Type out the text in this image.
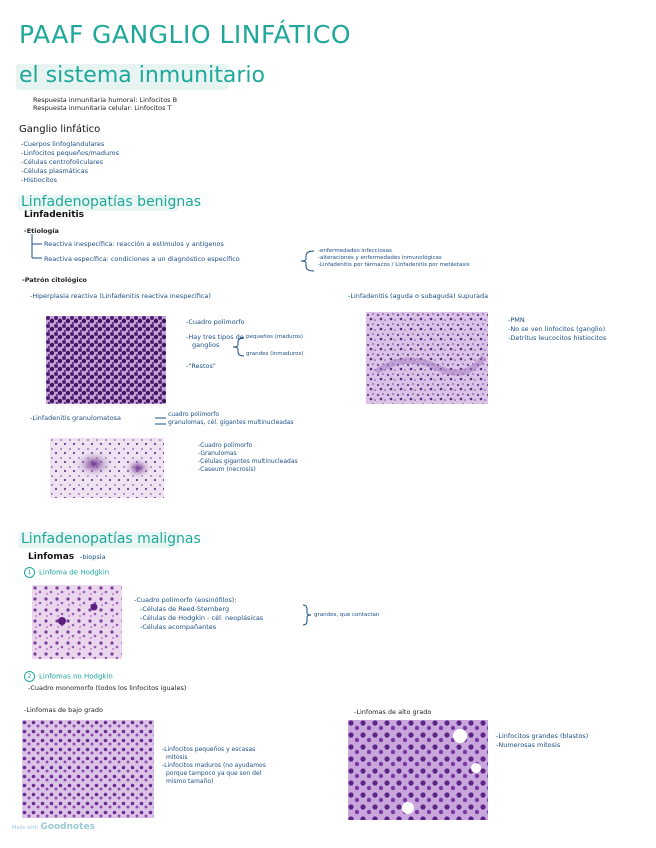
PAAF GANGLIO LINFÁTICO
el sistema inmunitario
Respuesta inmunitaria humoral: Linfocitos B
Respuesta inmunitaria celular: Linfocitos T
Ganglio linfático
-Cuerpos linfoglandulares
-Linfocitos pequeños/maduros
-Células centrofoliculares
-Células plasmáticas
-Histiocitos
Linfadenopatías benignas
Linfadenitis
-Etiología
Reactiva inespecífica: reacción a estímulos y antígenos
Reactiva específica: condiciones a un diagnóstico específico
-enfermedades infecciosas
-alteraciones y enfermedades inmunológicas
-Linfadenitis por fármacos / Linfadenitis por metástasis
-Patrón citológico
-Hiperplasia reactiva (Linfadenitis reactiva inespecífica)
-Cuadro polimorfo
-Hay tres tipos de
ganglios
pequeños (maduros)
grandes (inmaduros)
-"Restos"
-Linfadenitis (aguda o subaguda) supurada
-PMN
-No se ven linfocitos (ganglio)
-Detritus leucocitos histiocitos
-Linfadenitis granulomatosa	cuadro polimorfo
granulomas, cél. gigantes multinucleadas
-Cuadro polimorfo
-Granulomas
-Células gigantes multinucleadas
-Caseum (necrosis)
Linfadenopatías malignas
Linfomas -biopsia
1 Linfoma de Hodgkin
-Cuadro polimorfo (eosinófilos):
-Células de Reed-Sternberg
-Células de Hodgkin - cél. neoplásicas
-Células acompañantes
grandes, que contactan
2 Linfomas no Hodgkin
-Cuadro monomorfo (todos los linfocitos iguales)
-Linfomas de bajo grado
-Linfocitos pequeños y escasas
mitosis
-Linfocitos maduros (no ayudamos
porque tampoco ya que son del
mismo tamaño)
-Linfomas de alto grado
-Linfocitos grandes (blastos)
-Numerosas mitosis
Made with Goodnotes
